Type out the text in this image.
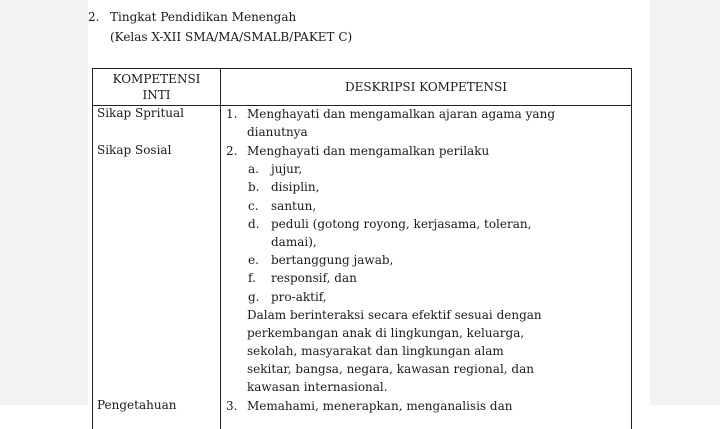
2. Tingkat Pendidikan Menengah
(Kelas X-XII SMA/MA/SMALB/PAKET C)
KOMPETENSI
INTI
DESKRIPSI KOMPETENSI
Sikap Spritual
Sikap Sosial
Pengetahuan
1. Menghayati dan mengamalkan ajaran agama yang
dianutnya
2. Menghayati dan mengamalkan perilaku
a. jujur,
b. disiplin,
c. santun,
d. peduli (gotong royong, kerjasama, toleran,
damai),
e. bertanggung jawab,
f. responsif, dan
g. pro-aktif,
Dalam berinteraksi secara efektif sesuai dengan
perkembangan anak di lingkungan, keluarga,
sekolah, masyarakat dan lingkungan alam
sekitar, bangsa, negara, kawasan regional, dan
kawasan internasional.
3. Memahami, menerapkan, menganalisis dan
